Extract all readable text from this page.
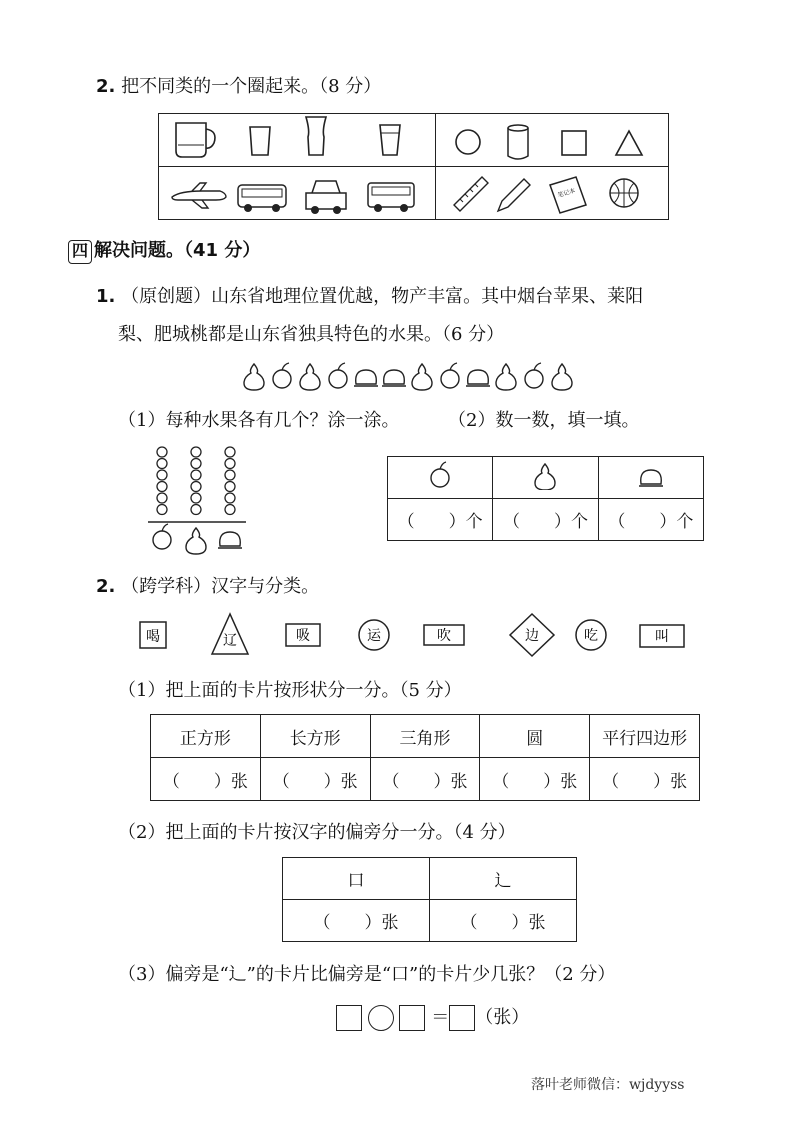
2. 把不同类的一个圈起来。（8 分）
笔记本
四 解决问题。（41 分）
1. （原创题）山东省地理位置优越，物产丰富。其中烟台苹果、莱阳
梨、肥城桃都是山东省独具特色的水果。（6 分）
（1）每种水果各有几个？涂一涂。	（2）数一数，填一填。

（　　）个	（　　）个	（　　）个
2. （跨学科）汉字与分类。
喝	辽	吸	运	吹	边	吃	叫
（1）把上面的卡片按形状分一分。（5 分）
正方形	长方形	三角形	圆	平行四边形
（　　）张	（　　）张	（　　）张	（　　）张	（　　）张
（2）把上面的卡片按汉字的偏旁分一分。（4 分）
口	辶
（　　）张	（　　）张
（3）偏旁是“辶”的卡片比偏旁是“口”的卡片少几张？（2 分）
＝ （张）
落叶老师微信：wjdyyss
